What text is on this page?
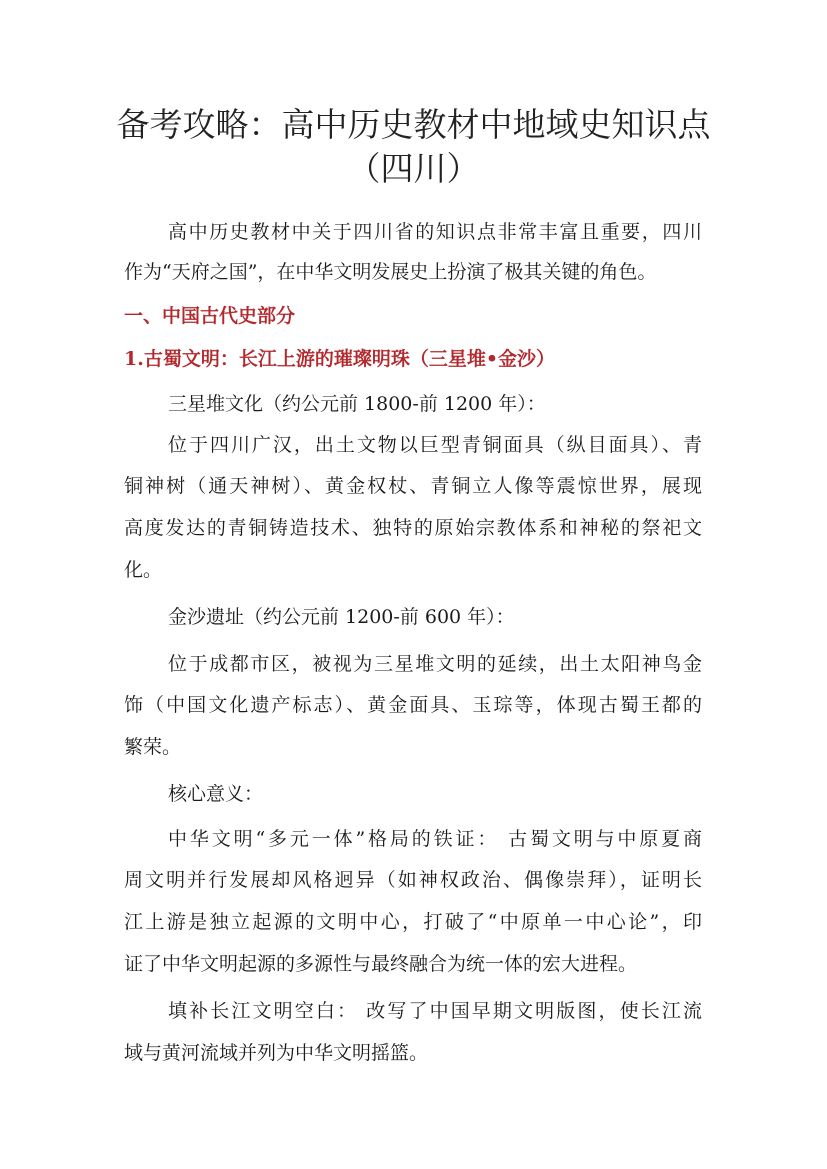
备考攻略：高中历史教材中地域史知识点
（四川）

高中历史教材中关于四川省的知识点非常丰富且重要，四川

作为“天府之国”，在中华文明发展史上扮演了极其关键的角色。

一、中国古代史部分

1.古蜀文明：长江上游的璀璨明珠（三星堆•金沙）

三星堆文化（约公元前 1800-前 1200 年）：

位于四川广汉，出土文物以巨型青铜面具（纵目面具）、青

铜神树（通天神树）、黄金权杖、青铜立人像等震惊世界，展现

高度发达的青铜铸造技术、独特的原始宗教体系和神秘的祭祀文

化。

金沙遗址（约公元前 1200-前 600 年）：

位于成都市区，被视为三星堆文明的延续，出土太阳神鸟金

饰（中国文化遗产标志）、黄金面具、玉琮等，体现古蜀王都的

繁荣。

核心意义：

中华文明“多元一体”格局的铁证： 古蜀文明与中原夏商

周文明并行发展却风格迥异（如神权政治、偶像崇拜），证明长

江上游是独立起源的文明中心，打破了“中原单一中心论”，印

证了中华文明起源的多源性与最终融合为统一体的宏大进程。

填补长江文明空白： 改写了中国早期文明版图，使长江流

域与黄河流域并列为中华文明摇篮。
